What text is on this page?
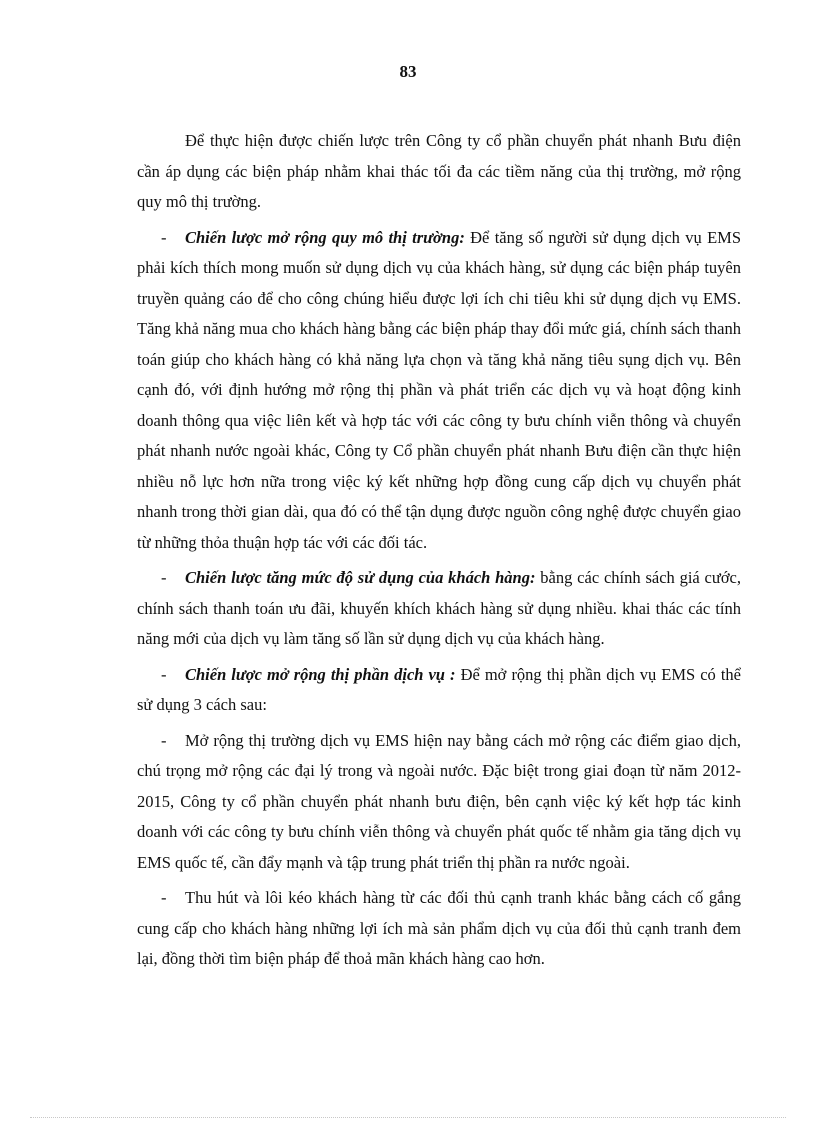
83

Để thực hiện được chiến lược trên Công ty cổ phần chuyển phát nhanh Bưu điện cần áp dụng các biện pháp nhằm khai thác tối đa các tiềm năng của thị trường, mở rộng quy mô thị trường.

- Chiến lược mở rộng quy mô thị trường: Để tăng số người sử dụng dịch vụ EMS phải kích thích mong muốn sử dụng dịch vụ của khách hàng, sử dụng các biện pháp tuyên truyền quảng cáo để cho công chúng hiểu được lợi ích chi tiêu khi sử dụng dịch vụ EMS. Tăng khả năng mua cho khách hàng bằng các biện pháp thay đổi mức giá, chính sách thanh toán giúp cho khách hàng có khả năng lựa chọn và tăng khả năng tiêu sụng dịch vụ. Bên cạnh đó, với định hướng mở rộng thị phần và phát triển các dịch vụ và hoạt động kinh doanh thông qua việc liên kết và hợp tác với các công ty bưu chính viễn thông và chuyển phát nhanh nước ngoài khác, Công ty Cổ phần chuyển phát nhanh Bưu điện cần thực hiện nhiều nỗ lực hơn nữa trong việc ký kết những hợp đồng cung cấp dịch vụ chuyển phát nhanh trong thời gian dài, qua đó có thể tận dụng được nguồn công nghệ được chuyển giao từ những thỏa thuận hợp tác với các đối tác.

- Chiến lược tăng mức độ sử dụng của khách hàng: bằng các chính sách giá cước, chính sách thanh toán ưu đãi, khuyến khích khách hàng sử dụng nhiều. khai thác các tính năng mới của dịch vụ làm tăng số lần sử dụng dịch vụ của khách hàng.

- Chiến lược mở rộng thị phần dịch vụ : Để mở rộng thị phần dịch vụ EMS có thể sử dụng 3 cách sau:

- Mở rộng thị trường dịch vụ EMS hiện nay bằng cách mở rộng các điểm giao dịch, chú trọng mở rộng các đại lý trong và ngoài nước. Đặc biệt trong giai đoạn từ năm 2012-2015, Công ty cổ phần chuyển phát nhanh bưu điện, bên cạnh việc ký kết hợp tác kinh doanh với các công ty bưu chính viễn thông và chuyển phát quốc tế nhằm gia tăng dịch vụ EMS quốc tế, cần đẩy mạnh và tập trung phát triển thị phần ra nước ngoài.

- Thu hút và lôi kéo khách hàng từ các đối thủ cạnh tranh khác bằng cách cố gắng cung cấp cho khách hàng những lợi ích mà sản phẩm dịch vụ của đối thủ cạnh tranh đem lại, đồng thời tìm biện pháp để thoả mãn khách hàng cao hơn.
